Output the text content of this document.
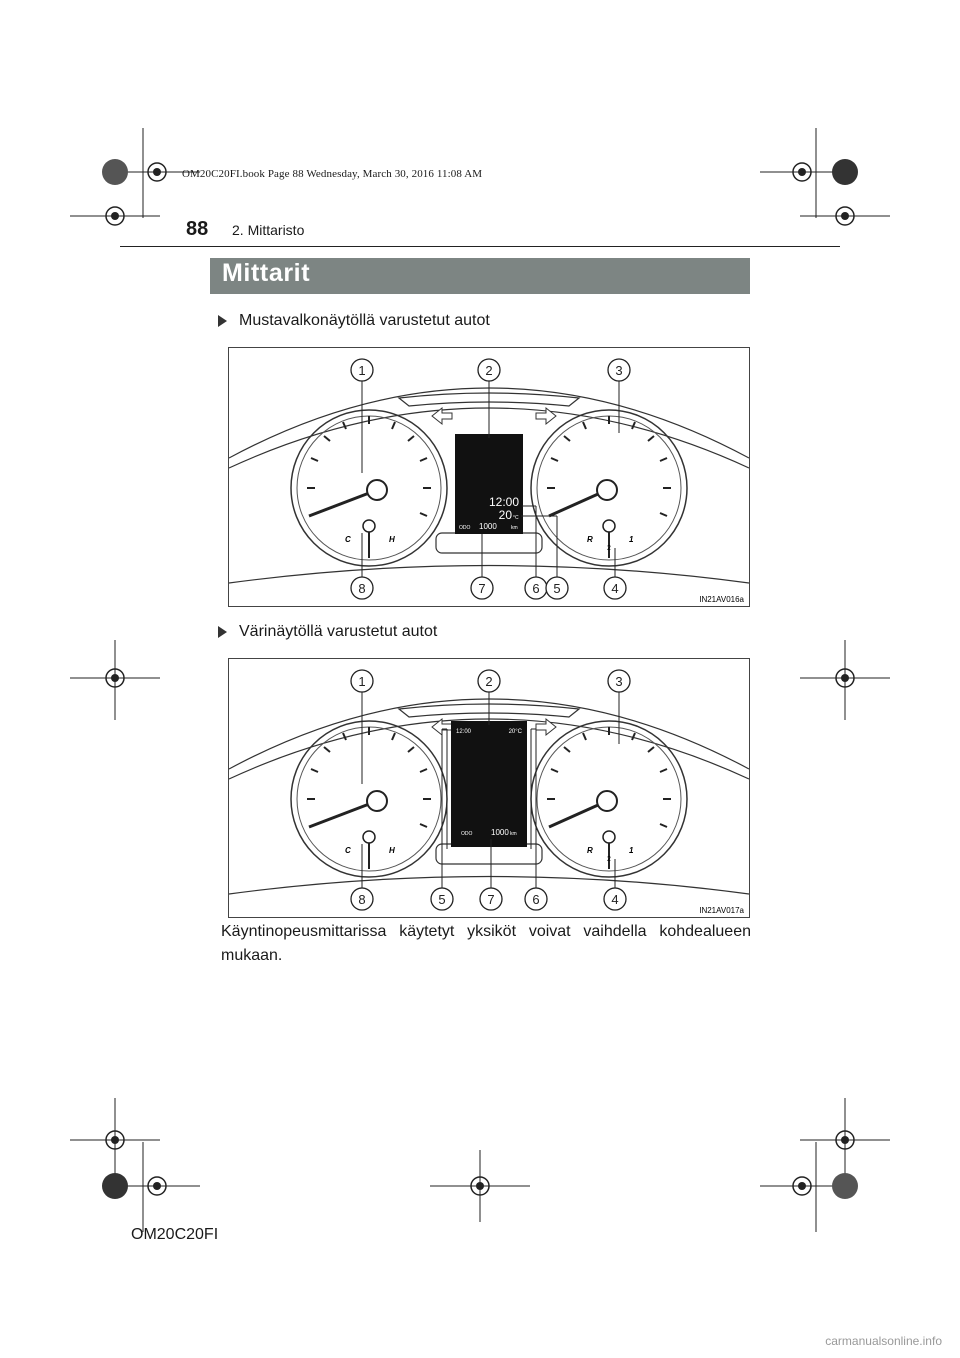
OM20C20FI.book Page 88 Wednesday, March 30, 2016 11:08 AM
88 2. Mittaristo
Mittarit
Mustavalkonäytöllä varustetut autot
C	H	R	1
2
12:00
20 °C
ODO 1000	km
1	2	3
8	7	6 5	4
IN21AV016a
Värinäytöllä varustetut autot
C	H	R	1
2
12:00	20°C
ODO 1000 km
1	2	3
8	5	7	6	4
IN21AV017a
Käyntinopeusmittarissa käytetyt yksiköt voivat vaihdella kohdealueen mukaan.
OM20C20FI
carmanualsonline.info
